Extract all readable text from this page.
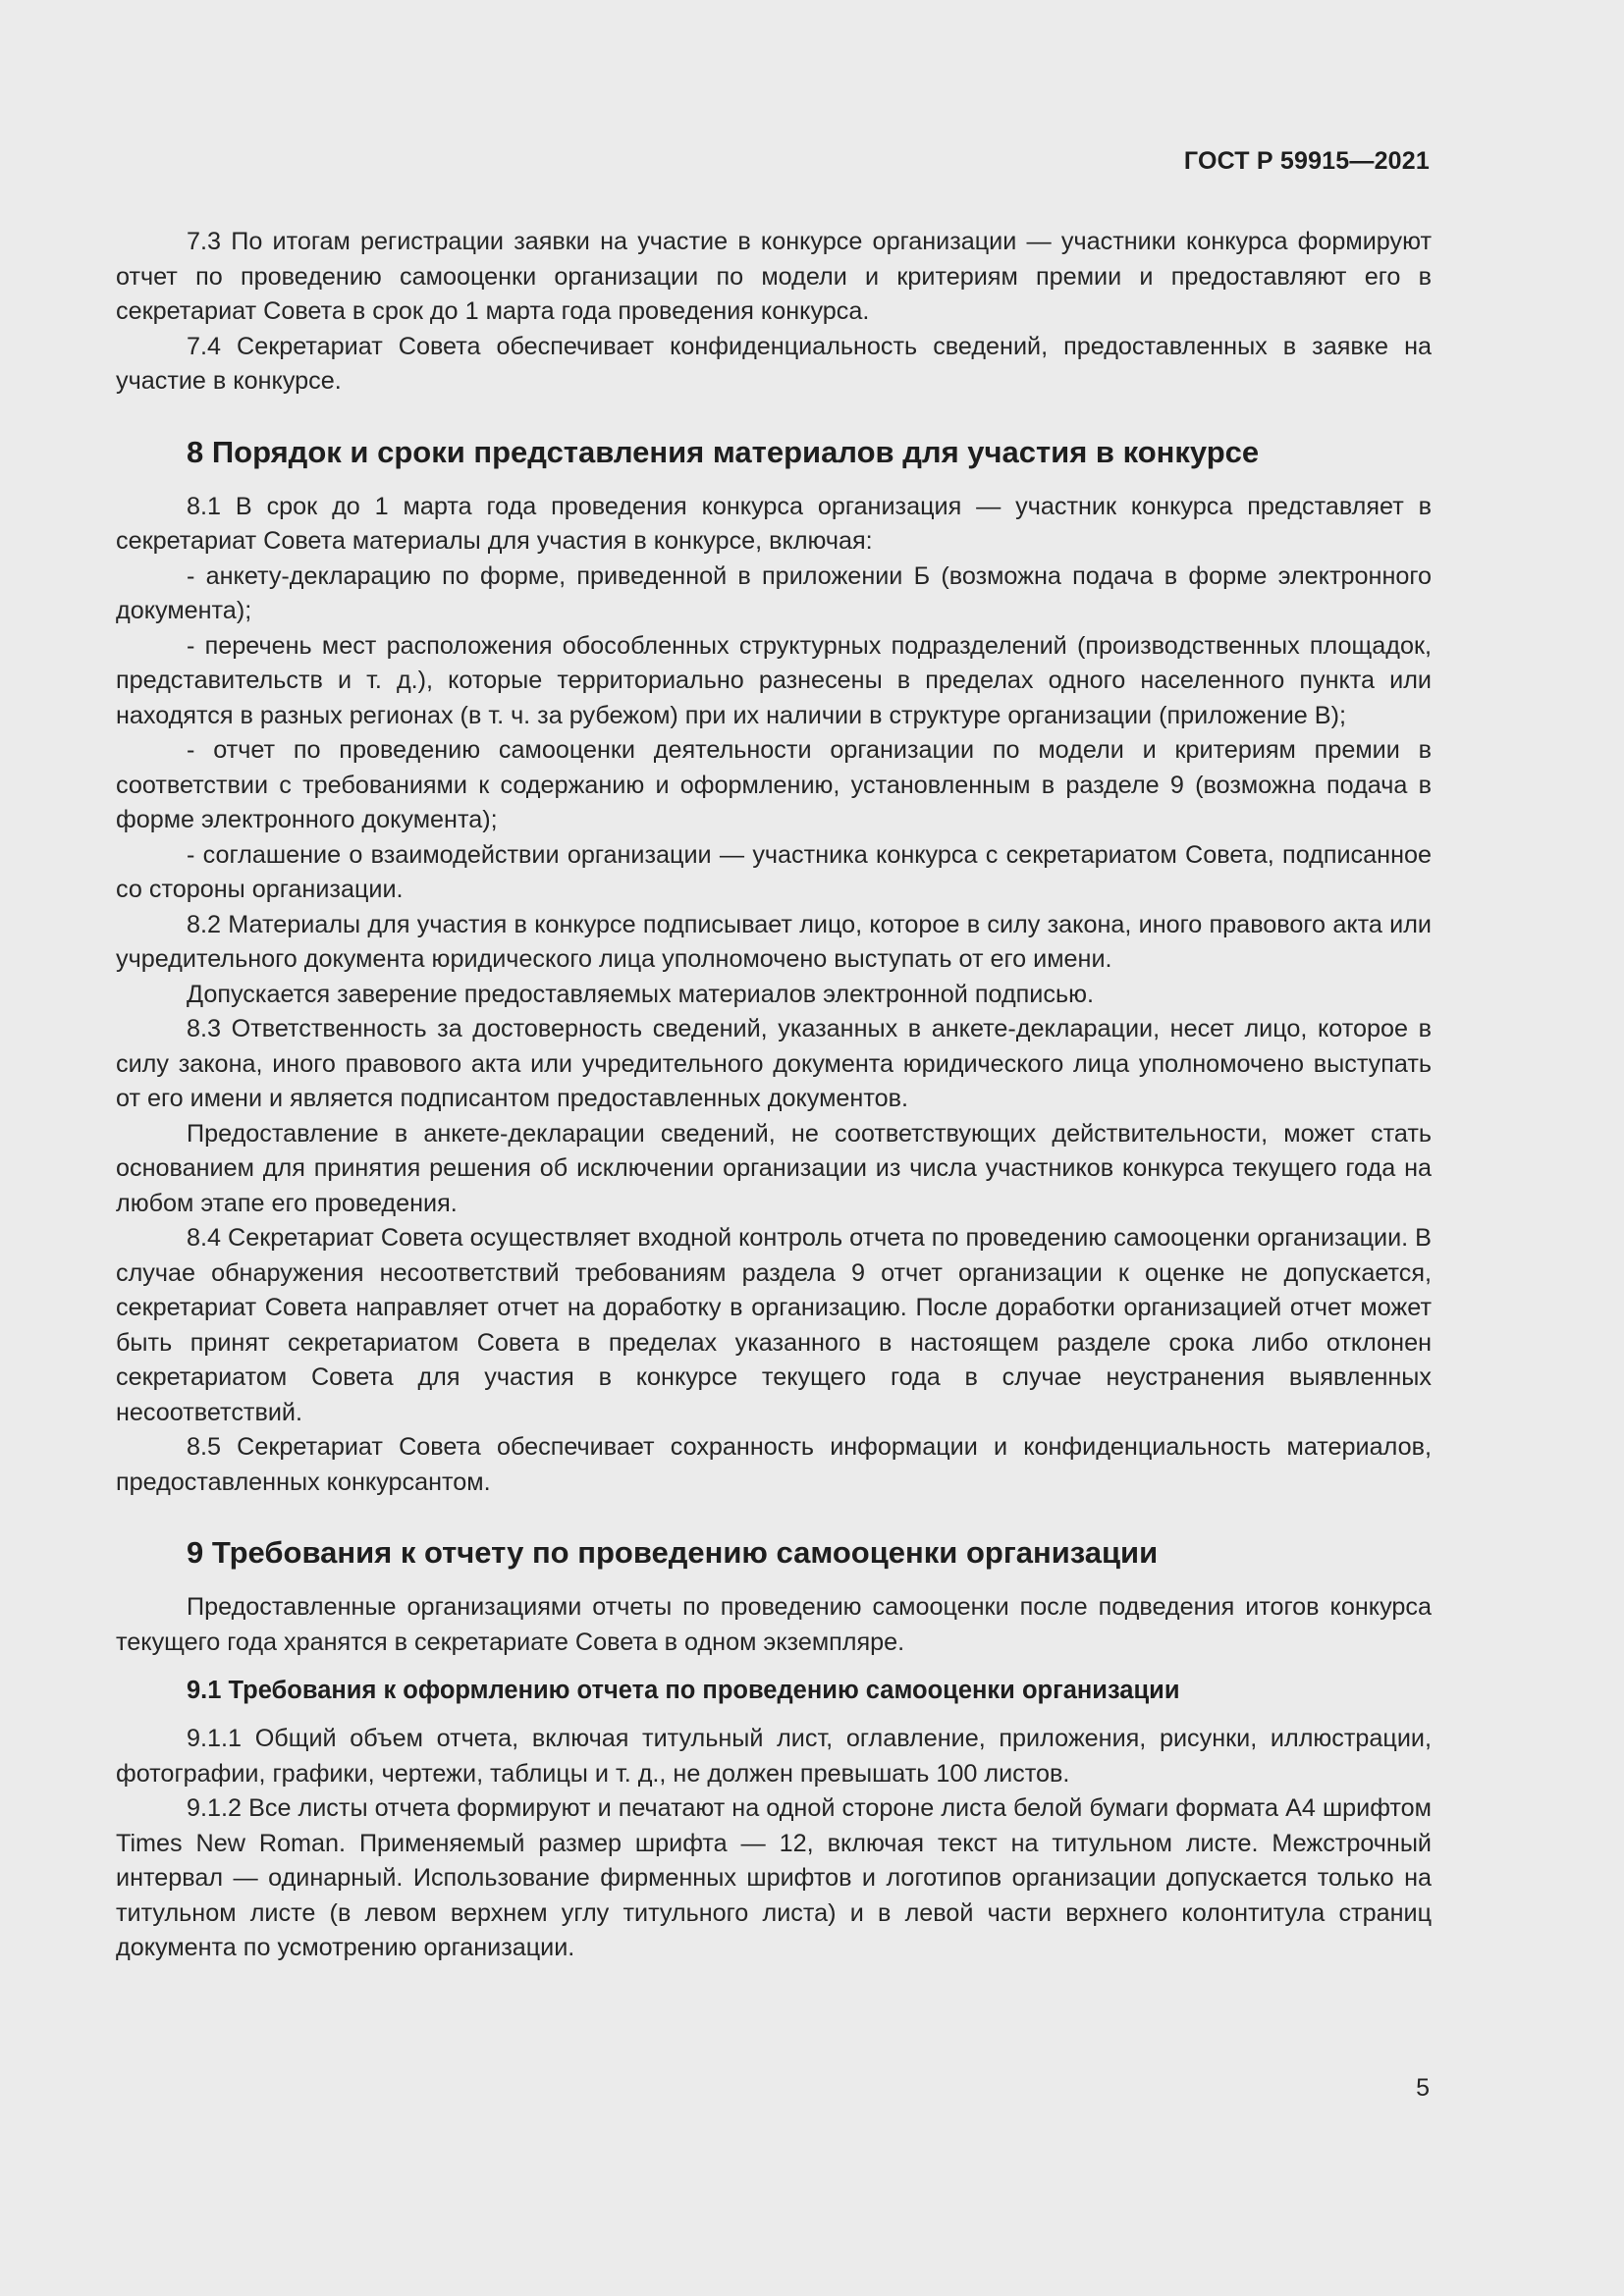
ГОСТ Р 59915—2021

7.3 По итогам регистрации заявки на участие в конкурсе организации — участники конкурса формируют отчет по проведению самооценки организации по модели и критериям премии и предоставляют его в секретариат Совета в срок до 1 марта года проведения конкурса.

7.4 Секретариат Совета обеспечивает конфиденциальность сведений, предоставленных в заявке на участие в конкурсе.

8 Порядок и сроки представления материалов для участия в конкурсе

8.1 В срок до 1 марта года проведения конкурса организация — участник конкурса представляет в секретариат Совета материалы для участия в конкурсе, включая:

- анкету-декларацию по форме, приведенной в приложении Б (возможна подача в форме электронного документа);

- перечень мест расположения обособленных структурных подразделений (производственных площадок, представительств и т. д.), которые территориально разнесены в пределах одного населенного пункта или находятся в разных регионах (в т. ч. за рубежом) при их наличии в структуре организации (приложение В);

- отчет по проведению самооценки деятельности организации по модели и критериям премии в соответствии с требованиями к содержанию и оформлению, установленным в разделе 9 (возможна подача в форме электронного документа);

- соглашение о взаимодействии организации — участника конкурса с секретариатом Совета, подписанное со стороны организации.

8.2 Материалы для участия в конкурсе подписывает лицо, которое в силу закона, иного правового акта или учредительного документа юридического лица уполномочено выступать от его имени.

Допускается заверение предоставляемых материалов электронной подписью.

8.3 Ответственность за достоверность сведений, указанных в анкете-декларации, несет лицо, которое в силу закона, иного правового акта или учредительного документа юридического лица уполномочено выступать от его имени и является подписантом предоставленных документов.

Предоставление в анкете-декларации сведений, не соответствующих действительности, может стать основанием для принятия решения об исключении организации из числа участников конкурса текущего года на любом этапе его проведения.

8.4 Секретариат Совета осуществляет входной контроль отчета по проведению самооценки организации. В случае обнаружения несоответствий требованиям раздела 9 отчет организации к оценке не допускается, секретариат Совета направляет отчет на доработку в организацию. После доработки организацией отчет может быть принят секретариатом Совета в пределах указанного в настоящем разделе срока либо отклонен секретариатом Совета для участия в конкурсе текущего года в случае неустранения выявленных несоответствий.

8.5 Секретариат Совета обеспечивает сохранность информации и конфиденциальность материалов, предоставленных конкурсантом.

9 Требования к отчету по проведению самооценки организации

Предоставленные организациями отчеты по проведению самооценки после подведения итогов конкурса текущего года хранятся в секретариате Совета в одном экземпляре.

9.1 Требования к оформлению отчета по проведению самооценки организации

9.1.1 Общий объем отчета, включая титульный лист, оглавление, приложения, рисунки, иллюстрации, фотографии, графики, чертежи, таблицы и т. д., не должен превышать 100 листов.

9.1.2 Все листы отчета формируют и печатают на одной стороне листа белой бумаги формата А4 шрифтом Times New Roman. Применяемый размер шрифта — 12, включая текст на титульном листе. Межстрочный интервал — одинарный. Использование фирменных шрифтов и логотипов организации допускается только на титульном листе (в левом верхнем углу титульного листа) и в левой части верхнего колонтитула страниц документа по усмотрению организации.

5
